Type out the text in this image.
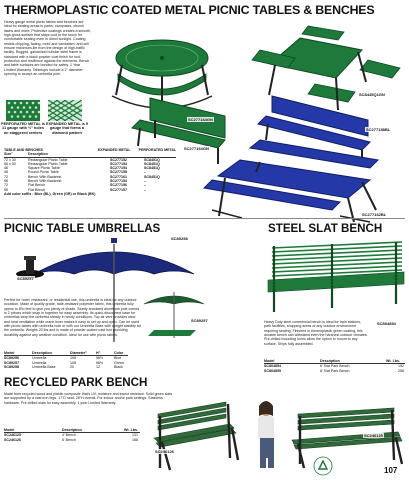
THERMOPLASTIC COATED METAL PICNIC TABLES & BENCHES
Heavy gauge metal picnic tables and benches are ideal for seating areas in parks, campuses, church lawns and more. Protective coatings creates a smooth, high-gloss surface that stays cool to the touch for comfortable seating even in direct sunlight. Coating resists chipping, fading, mold and vandalism, and will ensure maximum-life from the design of high-traffic facility. Rugged, galvanized tubular steel frame is standard with a black powder coat finish for rust-protection and resilience against the elements. Bench and table surfaces are bonded for safety. 1 Year Limited Warranty. Tabletops include a 2" diameter opening to accept an umbrella pole.
PERFORATED METAL is 11 gauge with ½" holes on staggered centers
EXPANDED METAL is 9 gauge that forms a diamond pattern
SC277164GN
SC8445Q1GN
SC277164GN
SC277158BL
SC277162BL
TABLE AND BENCHES		EXPANDED METAL	PERFORATED METAL
Size"	Description		
72 x 30	Rectangular Picnic Table	SC277152	SC8451Q
96 x 30	Rectangular Picnic Table	SC277153	SC8451Q
46	Square Picnic Table	SC277154	SC8451Q
46	Round Picnic Table	SC277155	–
72	Bench With Backrest	SC277161	SC8451Q
96	Bench With Backrest	SC277154	–
72	Flat Bench	SC277156	–
96	Flat Bench	SC277157	–
Add color suffix : Blue (BL), Green (GR) or Black (BK)
PICNIC TABLE UMBRELLAS
SC89258
SC89257
SC89257
Perfect for hotel, restaurant, or residential use, this umbrella is ideal for any outdoor occasion. Made of quality grade, fade-resistant polyester fabric, this umbrella fully opens to 8'to feet to give you plenty of shade. Sturdy anodized aluminum pole comes in 2 pieces which snap in together for easy assembly. Its quick-disconnect base for umbrellas keep the umbrella steady in windy conditions. Top air vent provides wind and heat ventilation while crank lever makes it easy to set up and open. Can be used with picnic tables with umbrella hole or with our Umbrella Base with upright stability for the umbrella. Weighs 20 lbs and is made of powder coated cast iron providing durability against any weather condition. Ideal for use with picnic tables.
Model	Description	Diameter"	H"	Color
SC89256	Umbrella	108	96½	Blue
SC89257	Umbrella	108	96½	Green
SC89258	Umbrella Base	20	12	Black
STEEL SLAT BENCH
SC804854
Heavy Duty steel commercial bench is ideal for train stations, park facilities, shopping areas or any outdoor environment requiring seating. Finished in thermoplastic green coating, this durable bench can withstand even the harshest outdoor climates. Pre-drilled mounting holes allow the option to mount to any surface. Ships fully assembled.
Model	Description	Wt. Lbs.
SC804854	6' Slat Park Bench	192
SC804855	8' Slat Park Bench	256
RECYCLED PARK BENCH
Made from recycled wood and plastic composite that's UV, moisture and insect resistant. Solid green slats are supported by a cast iron legs. 17"D seat, 28"H overall. For indoor and/or park settings. Stainless hardware. Pre-drilled slats for easy assembly. 1 year Limited Warranty.
Model	Description	Wt. Lbs.
SC246125	4' Bench	131
SC246126	6' Bench	168
SC246125
SC246126
107
